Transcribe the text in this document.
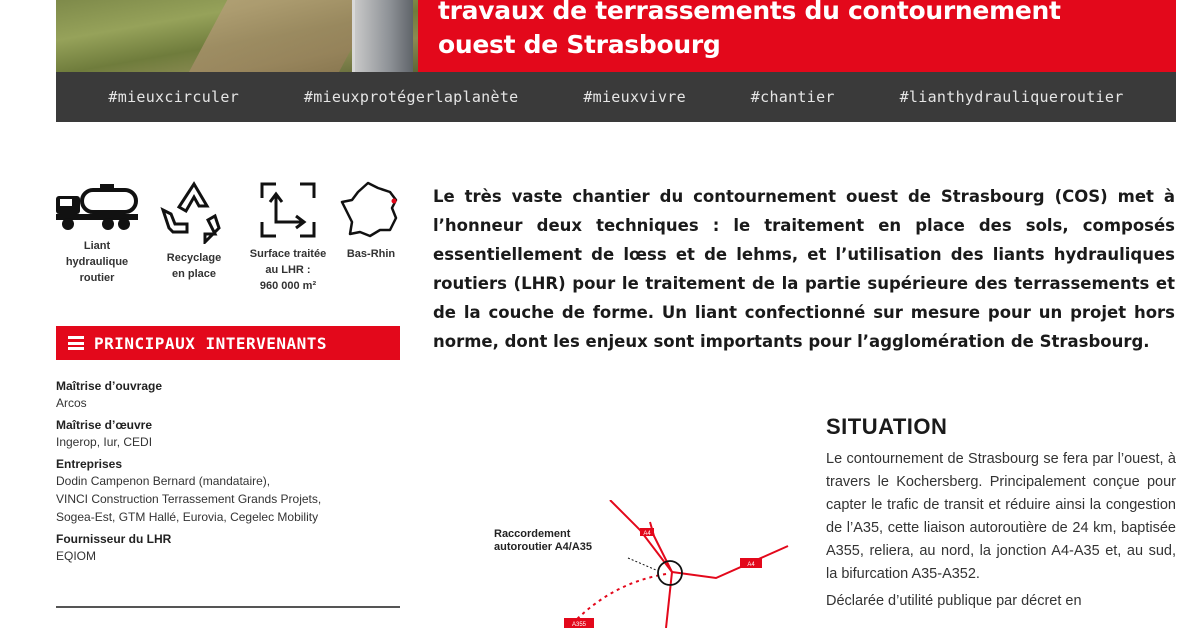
travaux de terrassements du contournement
ouest de Strasbourg
#mieuxcirculer	#mieuxprotégerlaplanète	#mieuxvivre	#chantier	#lianthydrauliqueroutier
Liant
hydraulique
routier
Recyclage
en place
Surface traitée
au LHR :
960 000 m²
Bas-Rhin
PRINCIPAUX INTERVENANTS
Maîtrise d’ouvrage
Arcos
Maîtrise d’œuvre
Ingerop, Iur, CEDI
Entreprises
Dodin Campenon Bernard (mandataire),
VINCI Construction Terrassement Grands Projets,
Sogea-Est, GTM Hallé, Eurovia, Cegelec Mobility
Fournisseur du LHR
EQIOM

Le très vaste chantier du contournement ouest de Strasbourg (COS) met à l’honneur deux techniques : le traitement en place des sols, composés essentiellement de lœss et de lehms, et l’utilisation des liants hydrauliques routiers (LHR) pour le traitement de la partie supérieure des terrassements et de la couche de forme. Un liant confectionné sur mesure pour un projet hors norme, dont les enjeux sont importants pour l’agglomération de Strasbourg.

A4
A4
A355
Raccordement
autoroutier A4/A35
SITUATION

Le contournement de Strasbourg se fera par l’ouest, à travers le Kochersberg. Principalement conçue pour capter le trafic de transit et réduire ainsi la congestion de l’A35, cette liaison autoroutière de 24 km, baptisée A355, reliera, au nord, la jonction A4-A35 et, au sud, la bifurcation A35-A352.

Déclarée d’utilité publique par décret en
